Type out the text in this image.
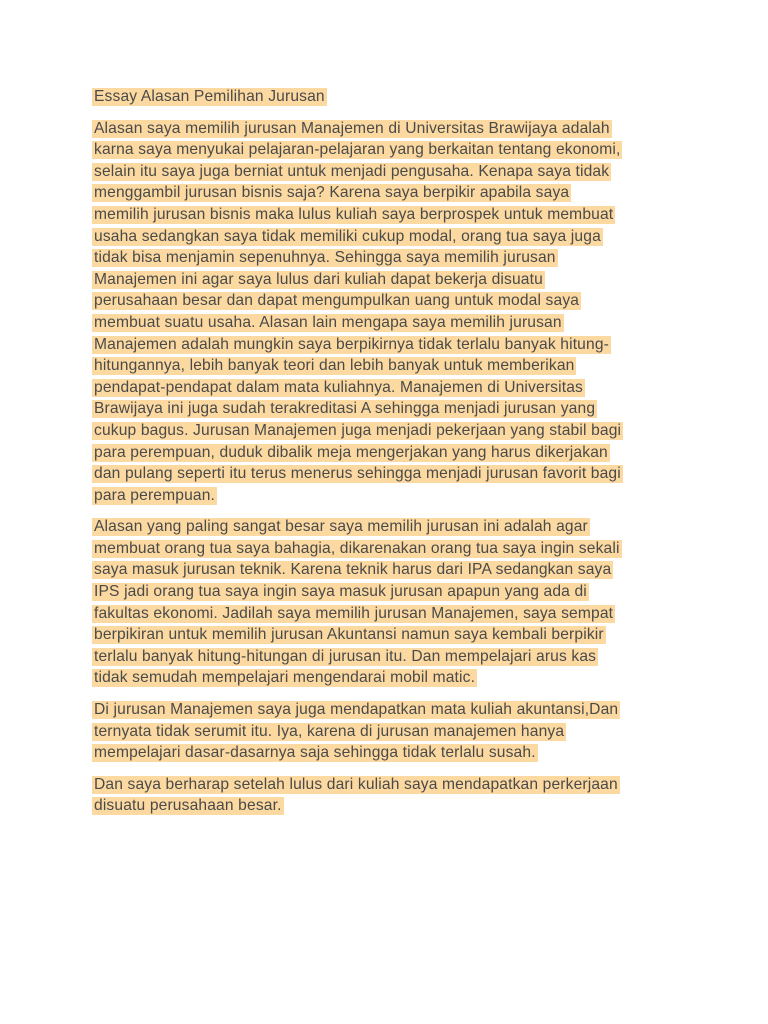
Essay Alasan Pemilihan Jurusan
Alasan saya memilih jurusan Manajemen di Universitas Brawijaya adalah
karna saya menyukai pelajaran-pelajaran yang berkaitan tentang ekonomi,
selain itu saya juga berniat untuk menjadi pengusaha. Kenapa saya tidak
menggambil jurusan bisnis saja? Karena saya berpikir apabila saya
memilih jurusan bisnis maka lulus kuliah saya berprospek untuk membuat
usaha sedangkan saya tidak memiliki cukup modal, orang tua saya juga
tidak bisa menjamin sepenuhnya. Sehingga saya memilih jurusan
Manajemen ini agar saya lulus dari kuliah dapat bekerja disuatu
perusahaan besar dan dapat mengumpulkan uang untuk modal saya
membuat suatu usaha. Alasan lain mengapa saya memilih jurusan
Manajemen adalah mungkin saya berpikirnya tidak terlalu banyak hitung-
hitungannya, lebih banyak teori dan lebih banyak untuk memberikan
pendapat-pendapat dalam mata kuliahnya. Manajemen di Universitas
Brawijaya ini juga sudah terakreditasi A sehingga menjadi jurusan yang
cukup bagus. Jurusan Manajemen juga menjadi pekerjaan yang stabil bagi
para perempuan, duduk dibalik meja mengerjakan yang harus dikerjakan
dan pulang seperti itu terus menerus sehingga menjadi jurusan favorit bagi
para perempuan.
Alasan yang paling sangat besar saya memilih jurusan ini adalah agar
membuat orang tua saya bahagia, dikarenakan orang tua saya ingin sekali
saya masuk jurusan teknik. Karena teknik harus dari IPA sedangkan saya
IPS jadi orang tua saya ingin saya masuk jurusan apapun yang ada di
fakultas ekonomi. Jadilah saya memilih jurusan Manajemen, saya sempat
berpikiran untuk memilih jurusan Akuntansi namun saya kembali berpikir
terlalu banyak hitung-hitungan di jurusan itu. Dan mempelajari arus kas
tidak semudah mempelajari mengendarai mobil matic.
Di jurusan Manajemen saya juga mendapatkan mata kuliah akuntansi,Dan
ternyata tidak serumit itu. Iya, karena di jurusan manajemen hanya
mempelajari dasar-dasarnya saja sehingga tidak terlalu susah.
Dan saya berharap setelah lulus dari kuliah saya mendapatkan perkerjaan
disuatu perusahaan besar.
